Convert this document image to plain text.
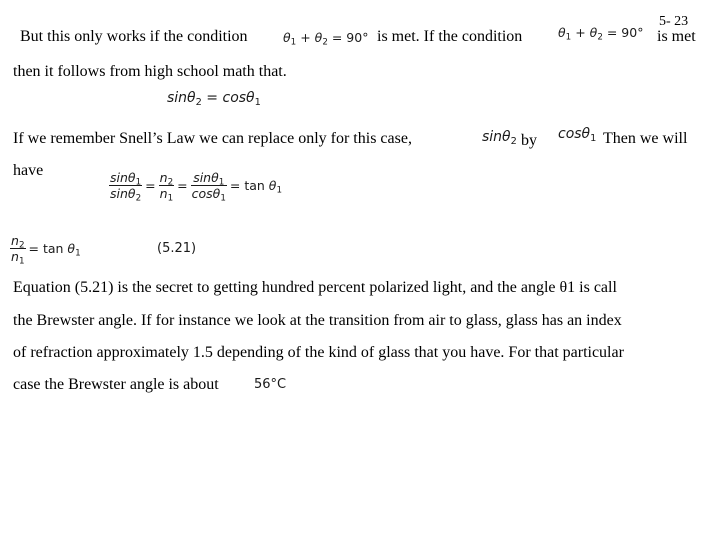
5- 23
But this only works if the condition	$\theta_1 + \theta_2 = 90^\circ$ is met. If the condition	$\theta_1 + \theta_2 = 90^\circ$ is met
then it follows from high school math that.
sinθ$_2$ = cosθ$_1$
If we remember Snell’s Law we can replace only for this case,	sinθ$_2$ by cosθ$_1$ Then we will
have	$\frac{\sin\theta_1}{\sin\theta_2} = \frac{n_2}{n_1} = \frac{\sin\theta_1}{\cos\theta_1} = \tan \theta_1$
$\frac{n_2}{n_1} = \tan \theta_1$	(5.21)
Equation (5.21) is the secret to getting hundred percent polarized light, and the angle θ1 is call
the Brewster angle. If for instance we look at the transition from air to glass, glass has an index
of refraction approximately 1.5 depending of the kind of glass that you have. For that particular
case the Brewster angle is about	56°C
